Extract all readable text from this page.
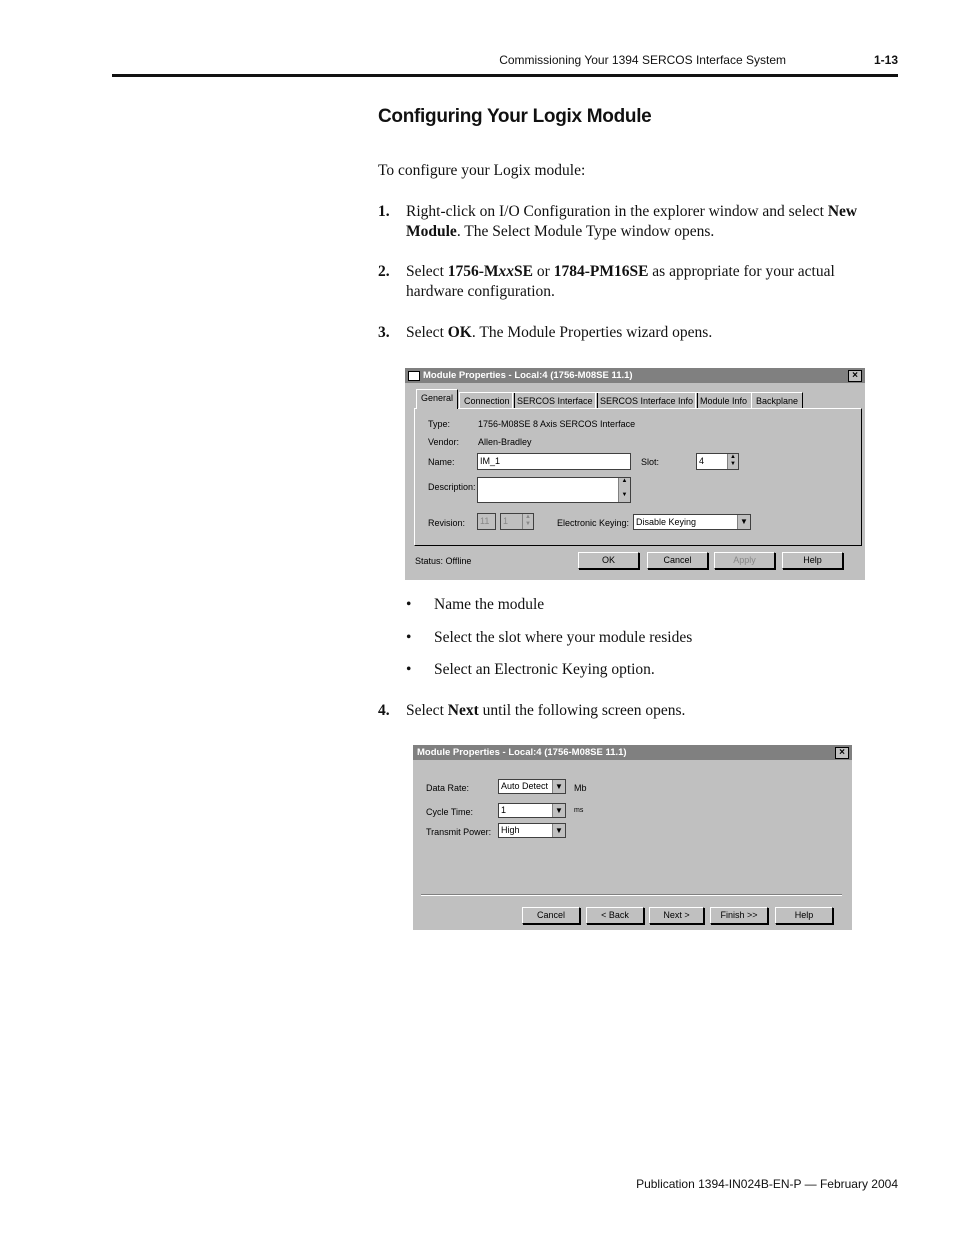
Commissioning Your 1394 SERCOS Interface System	1-13
Configuring Your Logix Module
To configure your Logix module:
1. Right-click on I/O Configuration in the explorer window and select New Module. The Select Module Type window opens.
2. Select 1756-MxxSE or 1784-PM16SE as appropriate for your actual hardware configuration.
3. Select OK. The Module Properties wizard opens.
Module Properties - Local:4 (1756-M08SE 11.1)	×
General	Connection SERCOS Interface SERCOS Interface Info Module Info Backplane
Type:	1756-M08SE 8 Axis SERCOS Interface
Vendor: Allen-Bradley
Name:	IM_1	Slot:	4	▲
▼
Description:
▲

▼
Revision:	11	1	▲
▼	Electronic Keying: Disable Keying	▼
Status: Offline	OK	Cancel	Apply	Help
• Name the module
• Select the slot where your module resides
• Select an Electronic Keying option.
4. Select Next until the following screen opens.
Module Properties - Local:4 (1756-M08SE 11.1)	×
Data Rate:	Auto Detect ▼ Mb
Cycle Time:	1	▼ ms
Transmit Power:	High	▼
Cancel	< Back	Next >	Finish >>	Help
Publication 1394-IN024B-EN-P — February 2004
